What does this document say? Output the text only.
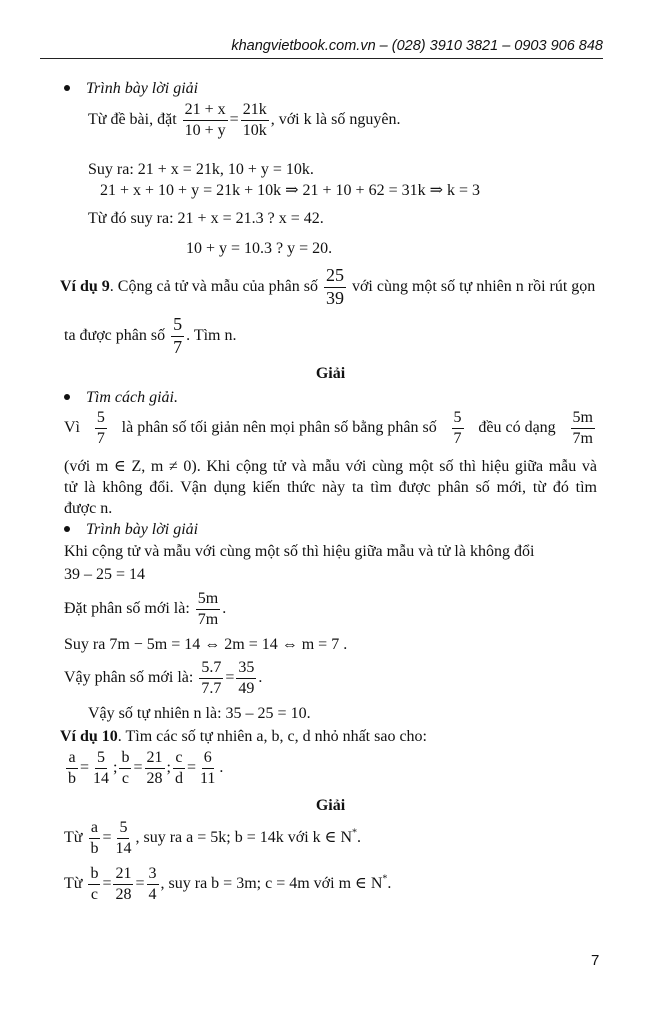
khangvietbook.com.vn – (028) 3910 3821 – 0903 906 848
Trình bày lời giải
Từ đề bài, đặt $\frac{21 + x}{10 + y} = \frac{21k}{10k}$ , với k là số nguyên.
Suy ra: 21 + x = 21k, 10 + y = 10k.
21 + x + 10 + y = 21k + 10k ⇒ 21 + 10 + 62 = 31k ⇒ k = 3
Từ đó suy ra: 21 + x = 21.3 ? x = 42.
10 + y = 10.3 ? y = 20.
Ví dụ 9. Cộng cả tử và mẫu của phân số $\frac{25}{39}$ với cùng một số tự nhiên n rồi rút gọn
ta được phân số $\frac{5}{7}$ . Tìm n.
Giải
Tìm cách giải.
Vì $\frac{5}{7}$ là phân số tối giản nên mọi phân số bằng phân số $\frac{5}{7}$ đều có dạng $\frac{5m}{7m}$
(với m ∈ Z, m ≠ 0). Khi cộng tử và mẫu với cùng một số thì hiệu giữa mẫu và
tử là không đổi. Vận dụng kiến thức này ta tìm được phân số mới, từ đó tìm
được n.
Trình bày lời giải
Khi cộng tử và mẫu với cùng một số thì hiệu giữa mẫu và tử là không đổi
39 – 25 = 14
Đặt phân số mới là: $\frac{5m}{7m}$ .
Suy ra 7m − 5m = 14 ⇔ 2m = 14 ⇔ m = 7 .
Vậy phân số mới là: $\frac{5.7}{7.7} = \frac{35}{49}$ .
Vậy số tự nhiên n là: 35 – 25 = 10.
Ví dụ 10. Tìm các số tự nhiên a, b, c, d nhỏ nhất sao cho:
$\frac{a}{b} = \frac{5}{14}$ ; $\frac{b}{c} = \frac{21}{28}$ ; $\frac{c}{d} = \frac{6}{11}$ .
Giải
Từ $\frac{a}{b} = \frac{5}{14}$ , suy ra a = 5k; b = 14k với k ∈ N*.
Từ $\frac{b}{c} = \frac{21}{28} = \frac{3}{4}$ , suy ra b = 3m; c = 4m với m ∈ N*.
7
